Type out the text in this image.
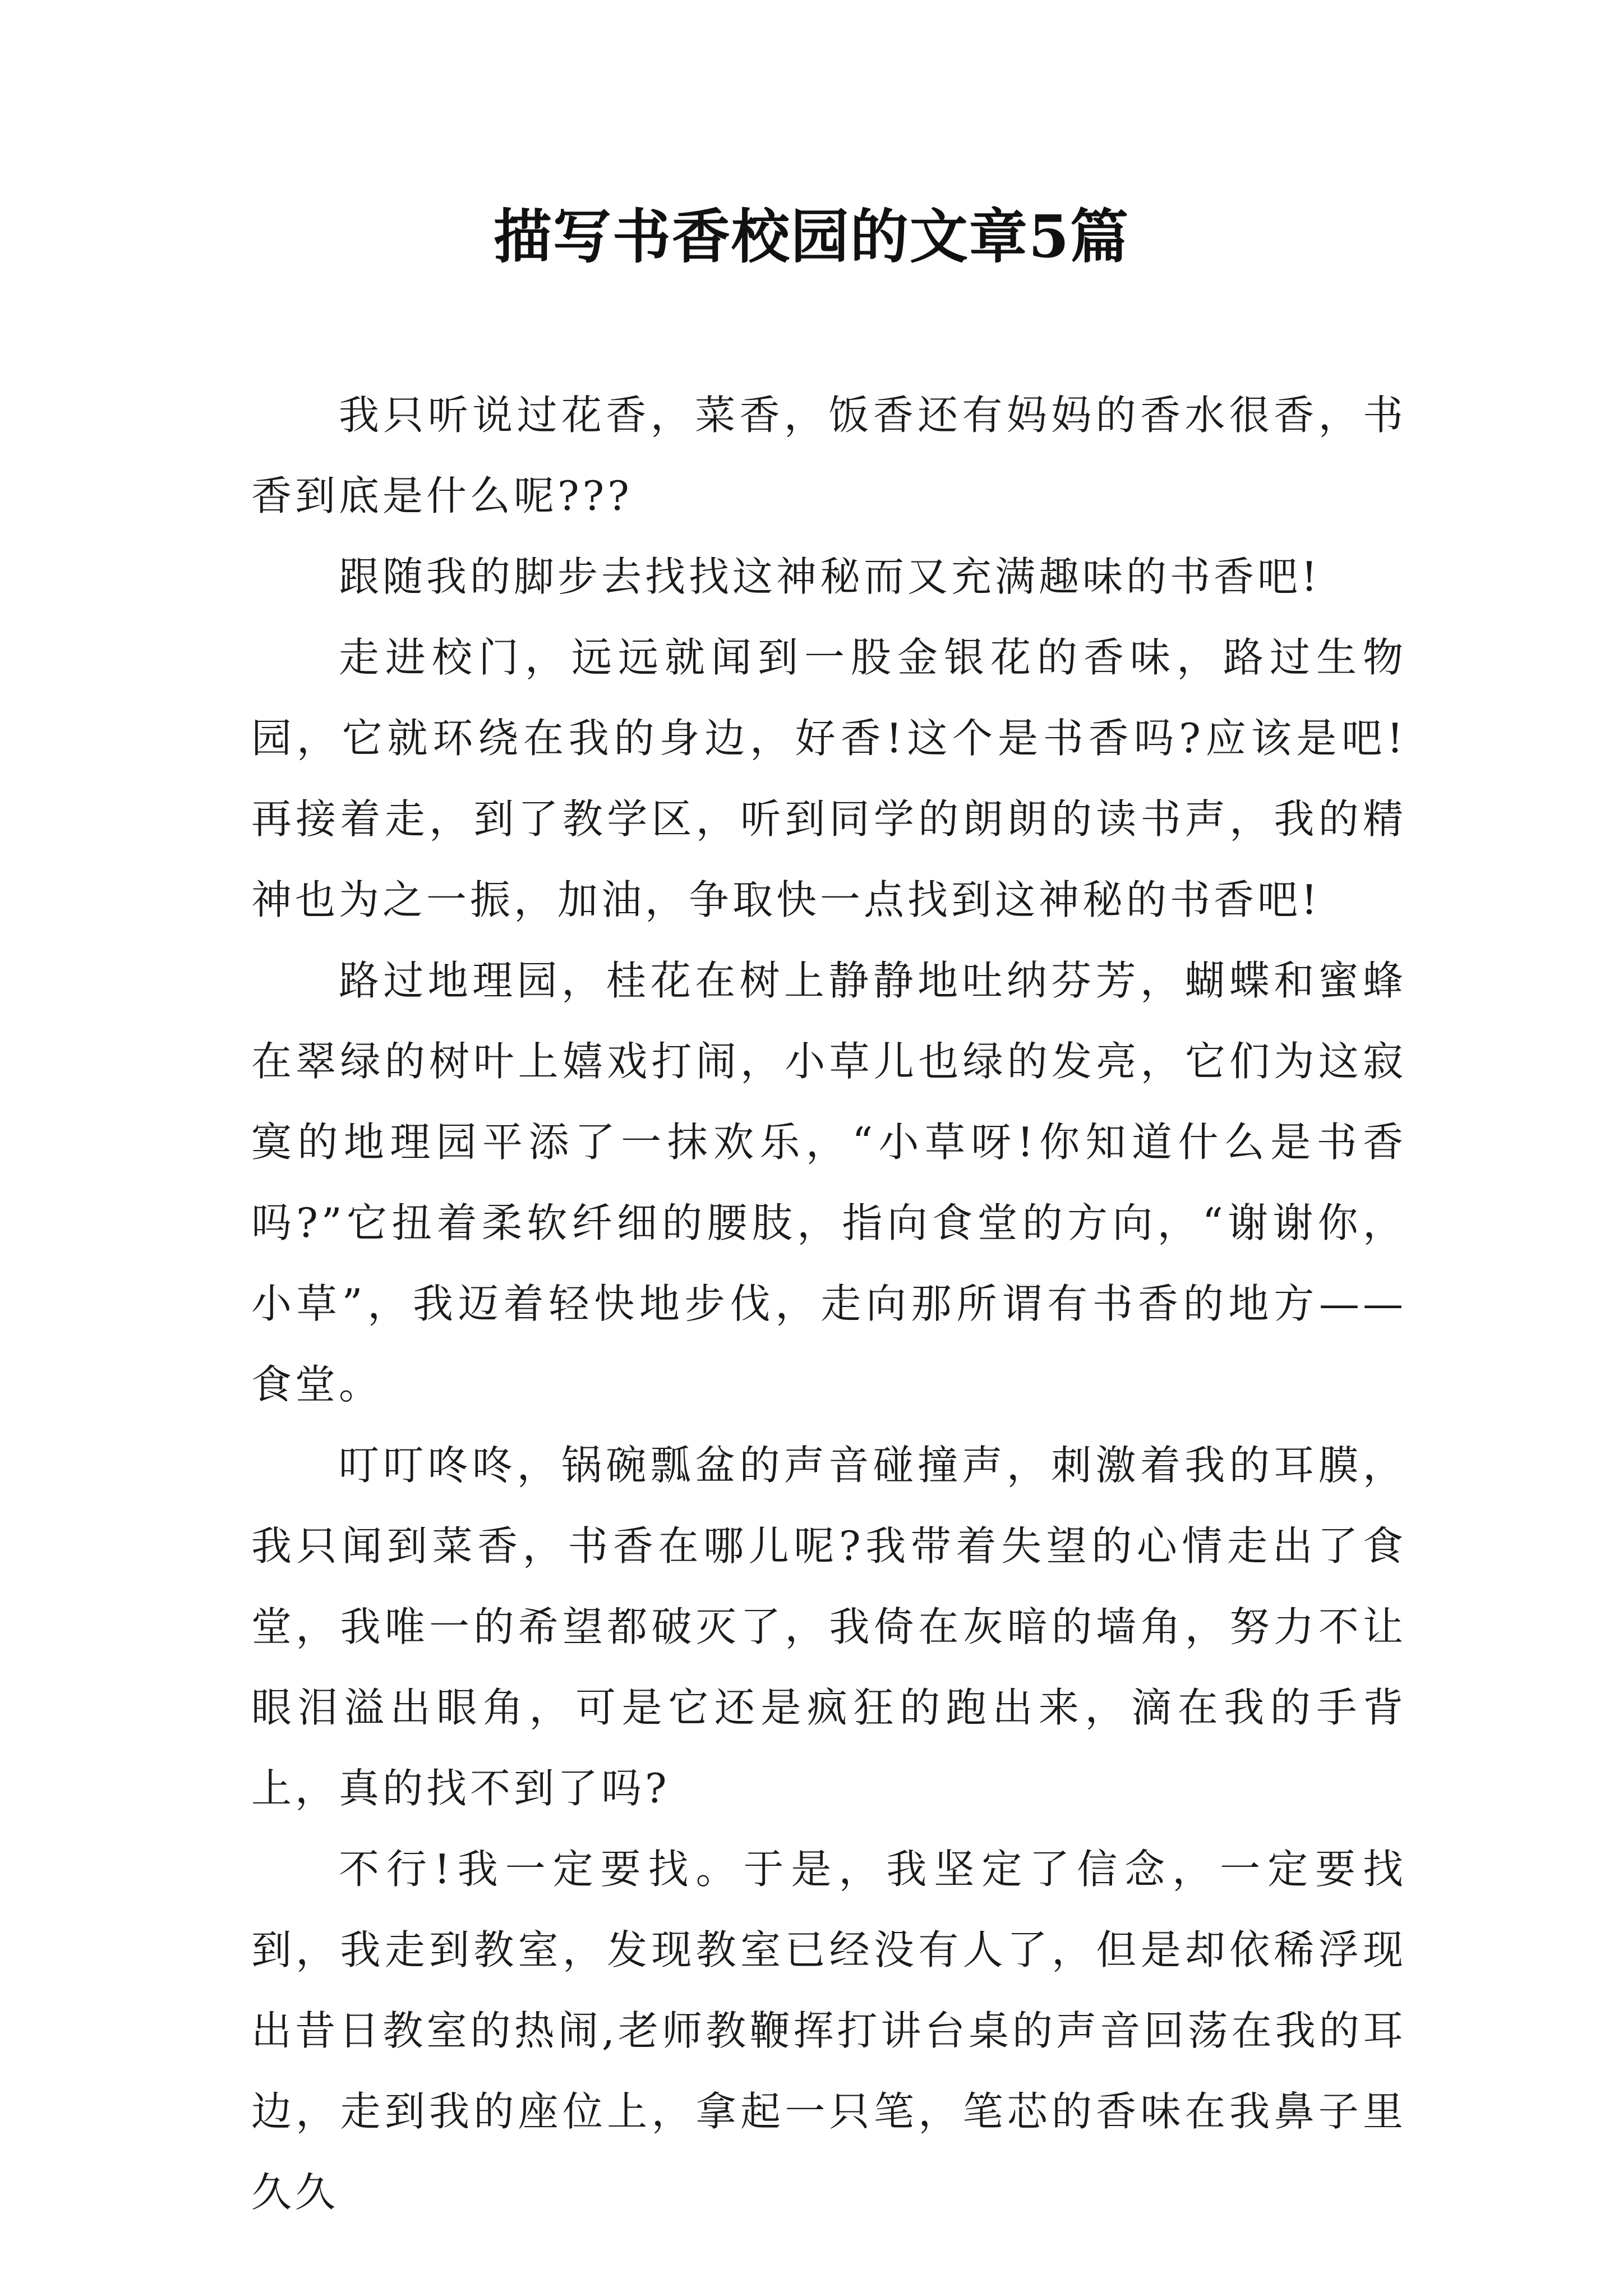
描写书香校园的文章5篇

我只听说过花香，菜香，饭香还有妈妈的香水很香，书香到底是什么呢???

跟随我的脚步去找找这神秘而又充满趣味的书香吧!

走进校门，远远就闻到一股金银花的香味，路过生物园，它就环绕在我的身边，好香!这个是书香吗?应该是吧!再接着走，到了教学区，听到同学的朗朗的读书声，我的精神也为之一振，加油，争取快一点找到这神秘的书香吧!

路过地理园，桂花在树上静静地吐纳芬芳，蝴蝶和蜜蜂在翠绿的树叶上嬉戏打闹，小草儿也绿的发亮，它们为这寂寞的地理园平添了一抹欢乐，“小草呀!你知道什么是书香吗?”它扭着柔软纤细的腰肢，指向食堂的方向，“谢谢你，小草”，我迈着轻快地步伐，走向那所谓有书香的地方——食堂。

叮叮咚咚，锅碗瓢盆的声音碰撞声，刺激着我的耳膜，我只闻到菜香，书香在哪儿呢?我带着失望的心情走出了食堂，我唯一的希望都破灭了，我倚在灰暗的墙角，努力不让眼泪溢出眼角，可是它还是疯狂的跑出来，滴在我的手背上，真的找不到了吗?

不行!我一定要找。于是，我坚定了信念，一定要找到，我走到教室，发现教室已经没有人了，但是却依稀浮现出昔日教室的热闹,老师教鞭挥打讲台桌的声音回荡在我的耳边，走到我的座位上，拿起一只笔，笔芯的香味在我鼻子里久久
